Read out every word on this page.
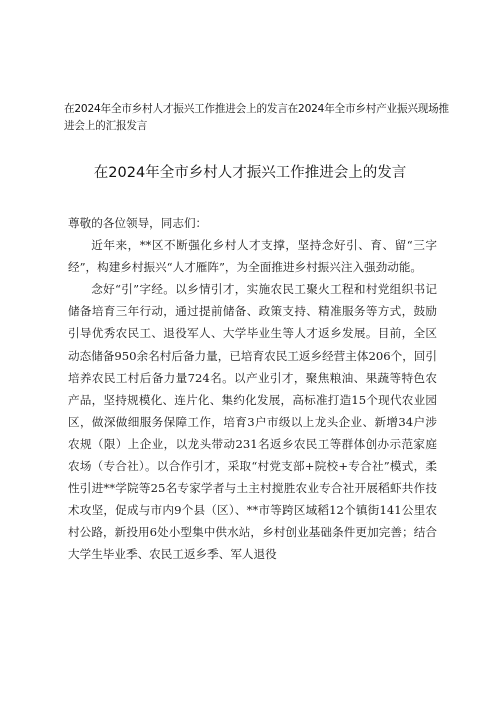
在2024年全市乡村人才振兴工作推进会上的发言在2024年全市乡村产业振兴现场推进会上的汇报发言
在2024年全市乡村人才振兴工作推进会上的发言

尊敬的各位领导，同志们：

近年来，**区不断强化乡村人才支撑，坚持念好引、育、留“三字经”，构建乡村振兴“人才雁阵”，为全面推进乡村振兴注入强劲动能。

念好“引”字经。以乡情引才，实施农民工聚火工程和村党组织书记储备培育三年行动，通过提前储备、政策支持、精准服务等方式，鼓励引导优秀农民工、退役军人、大学毕业生等人才返乡发展。目前，全区动态储备950余名村后备力量，已培育农民工返乡经营主体206个，回引培养农民工村后备力量724名。以产业引才，聚焦粮油、果蔬等特色农产品，坚持规模化、连片化、集约化发展，高标准打造15个现代农业园区，做深做细服务保障工作，培育3户市级以上龙头企业、新增34户涉农规（限）上企业，以龙头带动231名返乡农民工等群体创办示范家庭农场（专合社）。以合作引才，采取“村党支部+院校+专合社”模式，柔性引进**学院等25名专家学者与土主村搅胜农业专合社开展稻虾共作技术攻坚，促成与市内9个县（区）、**市等跨区域稻12个镇街141公里农村公路，新投用6处小型集中供水站，乡村创业基础条件更加完善；结合大学生毕业季、农民工返乡季、军人退役
